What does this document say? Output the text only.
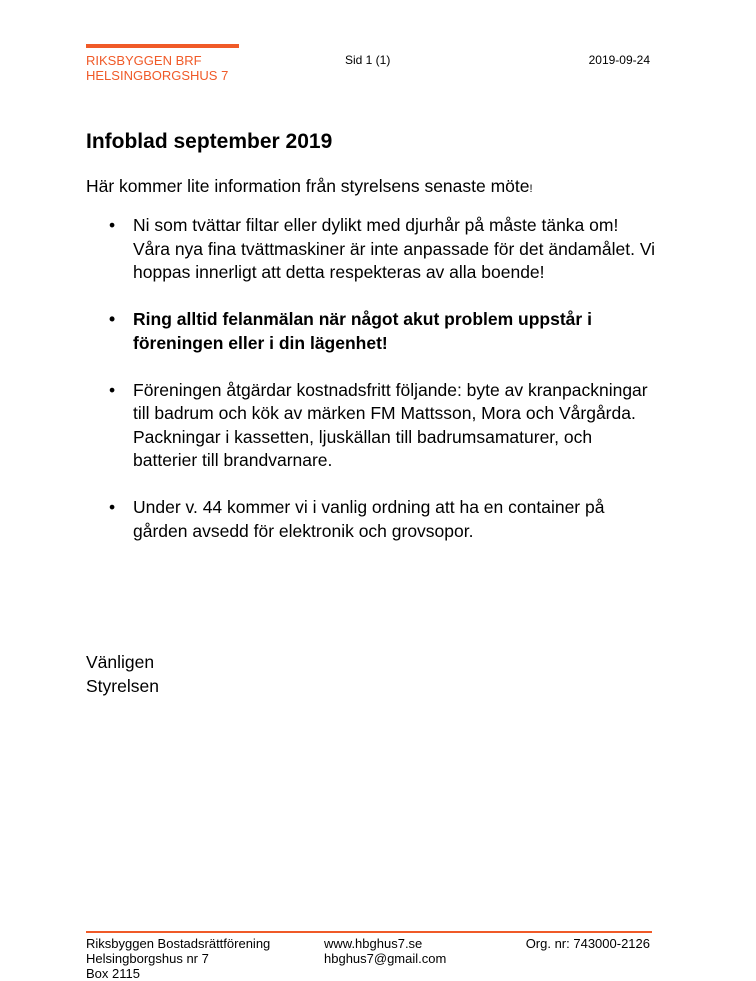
RIKSBYGGEN BRF
HELSINGBORGSHUS 7
Sid 1 (1)	2019-09-24
Infoblad september 2019

Här kommer lite information från styrelsens senaste möte!

• Ni som tvättar filtar eller dylikt med djurhår på måste tänka om! Våra nya fina tvättmaskiner är inte anpassade för det ändamålet. Vi hoppas innerligt att detta respekteras av alla boende!
• Ring alltid felanmälan när något akut problem uppstår i föreningen eller i din lägenhet!
• Föreningen åtgärdar kostnadsfritt följande: byte av kranpackningar till badrum och kök av märken FM Mattsson, Mora och Vårgårda. Packningar i kassetten, ljuskällan till badrumsamaturer, och batterier till brandvarnare.
• Under v. 44 kommer vi i vanlig ordning att ha en container på gården avsedd för elektronik och grovsopor.
Vänligen
Styrelsen
Riksbyggen Bostadsrättförening
Helsingborgshus nr 7
Box 2115
www.hbghus7.se
hbghus7@gmail.com
Org. nr: 743000-2126
